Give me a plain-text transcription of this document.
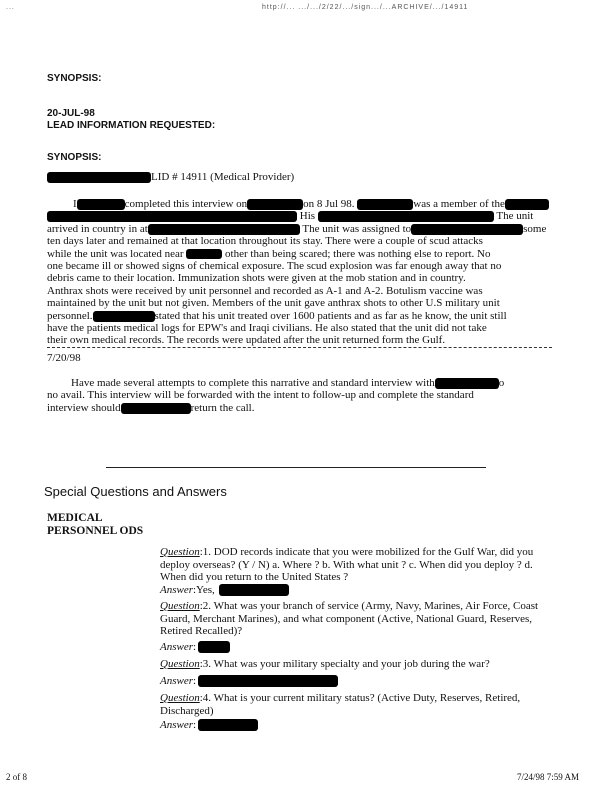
...	http://... .../.../2/22/.../sign.../...ARCHIVE/.../14911
SYNOPSIS:
20-JUL-98
LEAD INFORMATION REQUESTED:
SYNOPSIS:
LID # 14911 (Medical Provider)
I	completed this interview on	on 8 Jul 98.	was a member of the
His	The unit
arrived in country in at	The unit was assigned to	some
ten days later and remained at that location throughout its stay. There were a couple of scud attacks
while the unit was located near	other than being scared; there was nothing else to report. No
one became ill or showed signs of chemical exposure. The scud explosion was far enough away that no
debris came to their location. Immunization shots were given at the mob station and in country.
Anthrax shots were received by unit personnel and recorded as A-1 and A-2. Botulism vaccine was
maintained by the unit but not given. Members of the unit gave anthrax shots to other U.S military unit
personnel.	stated that his unit treated over 1600 patients and as far as he know, the unit still
have the patients medical logs for EPW's and Iraqi civilians. He also stated that the unit did not take
their own medical records. The records were updated after the unit returned form the Gulf.
7/20/98
Have made several attempts to complete this narrative and standard interview with	o
no avail. This interview will be forwarded with the intent to follow-up and complete the standard
interview should	return the call.
Special Questions and Answers
MEDICAL
PERSONNEL ODS
Question:1. DOD records indicate that you were mobilized for the Gulf War, did you deploy overseas? (Y / N) a. Where ? b. With what unit ? c. When did you deploy ? d. When did you return to the United States ?
Answer:Yes,
Question:2. What was your branch of service (Army, Navy, Marines, Air Force, Coast Guard, Merchant Marines), and what component (Active, National Guard, Reserves, Retired Recalled)?
Answer:
Question:3. What was your military specialty and your job during the war?
Answer:
Question:4. What is your current military status? (Active Duty, Reserves, Retired, Discharged)
Answer:
2 of 8	7/24/98 7:59 AM
